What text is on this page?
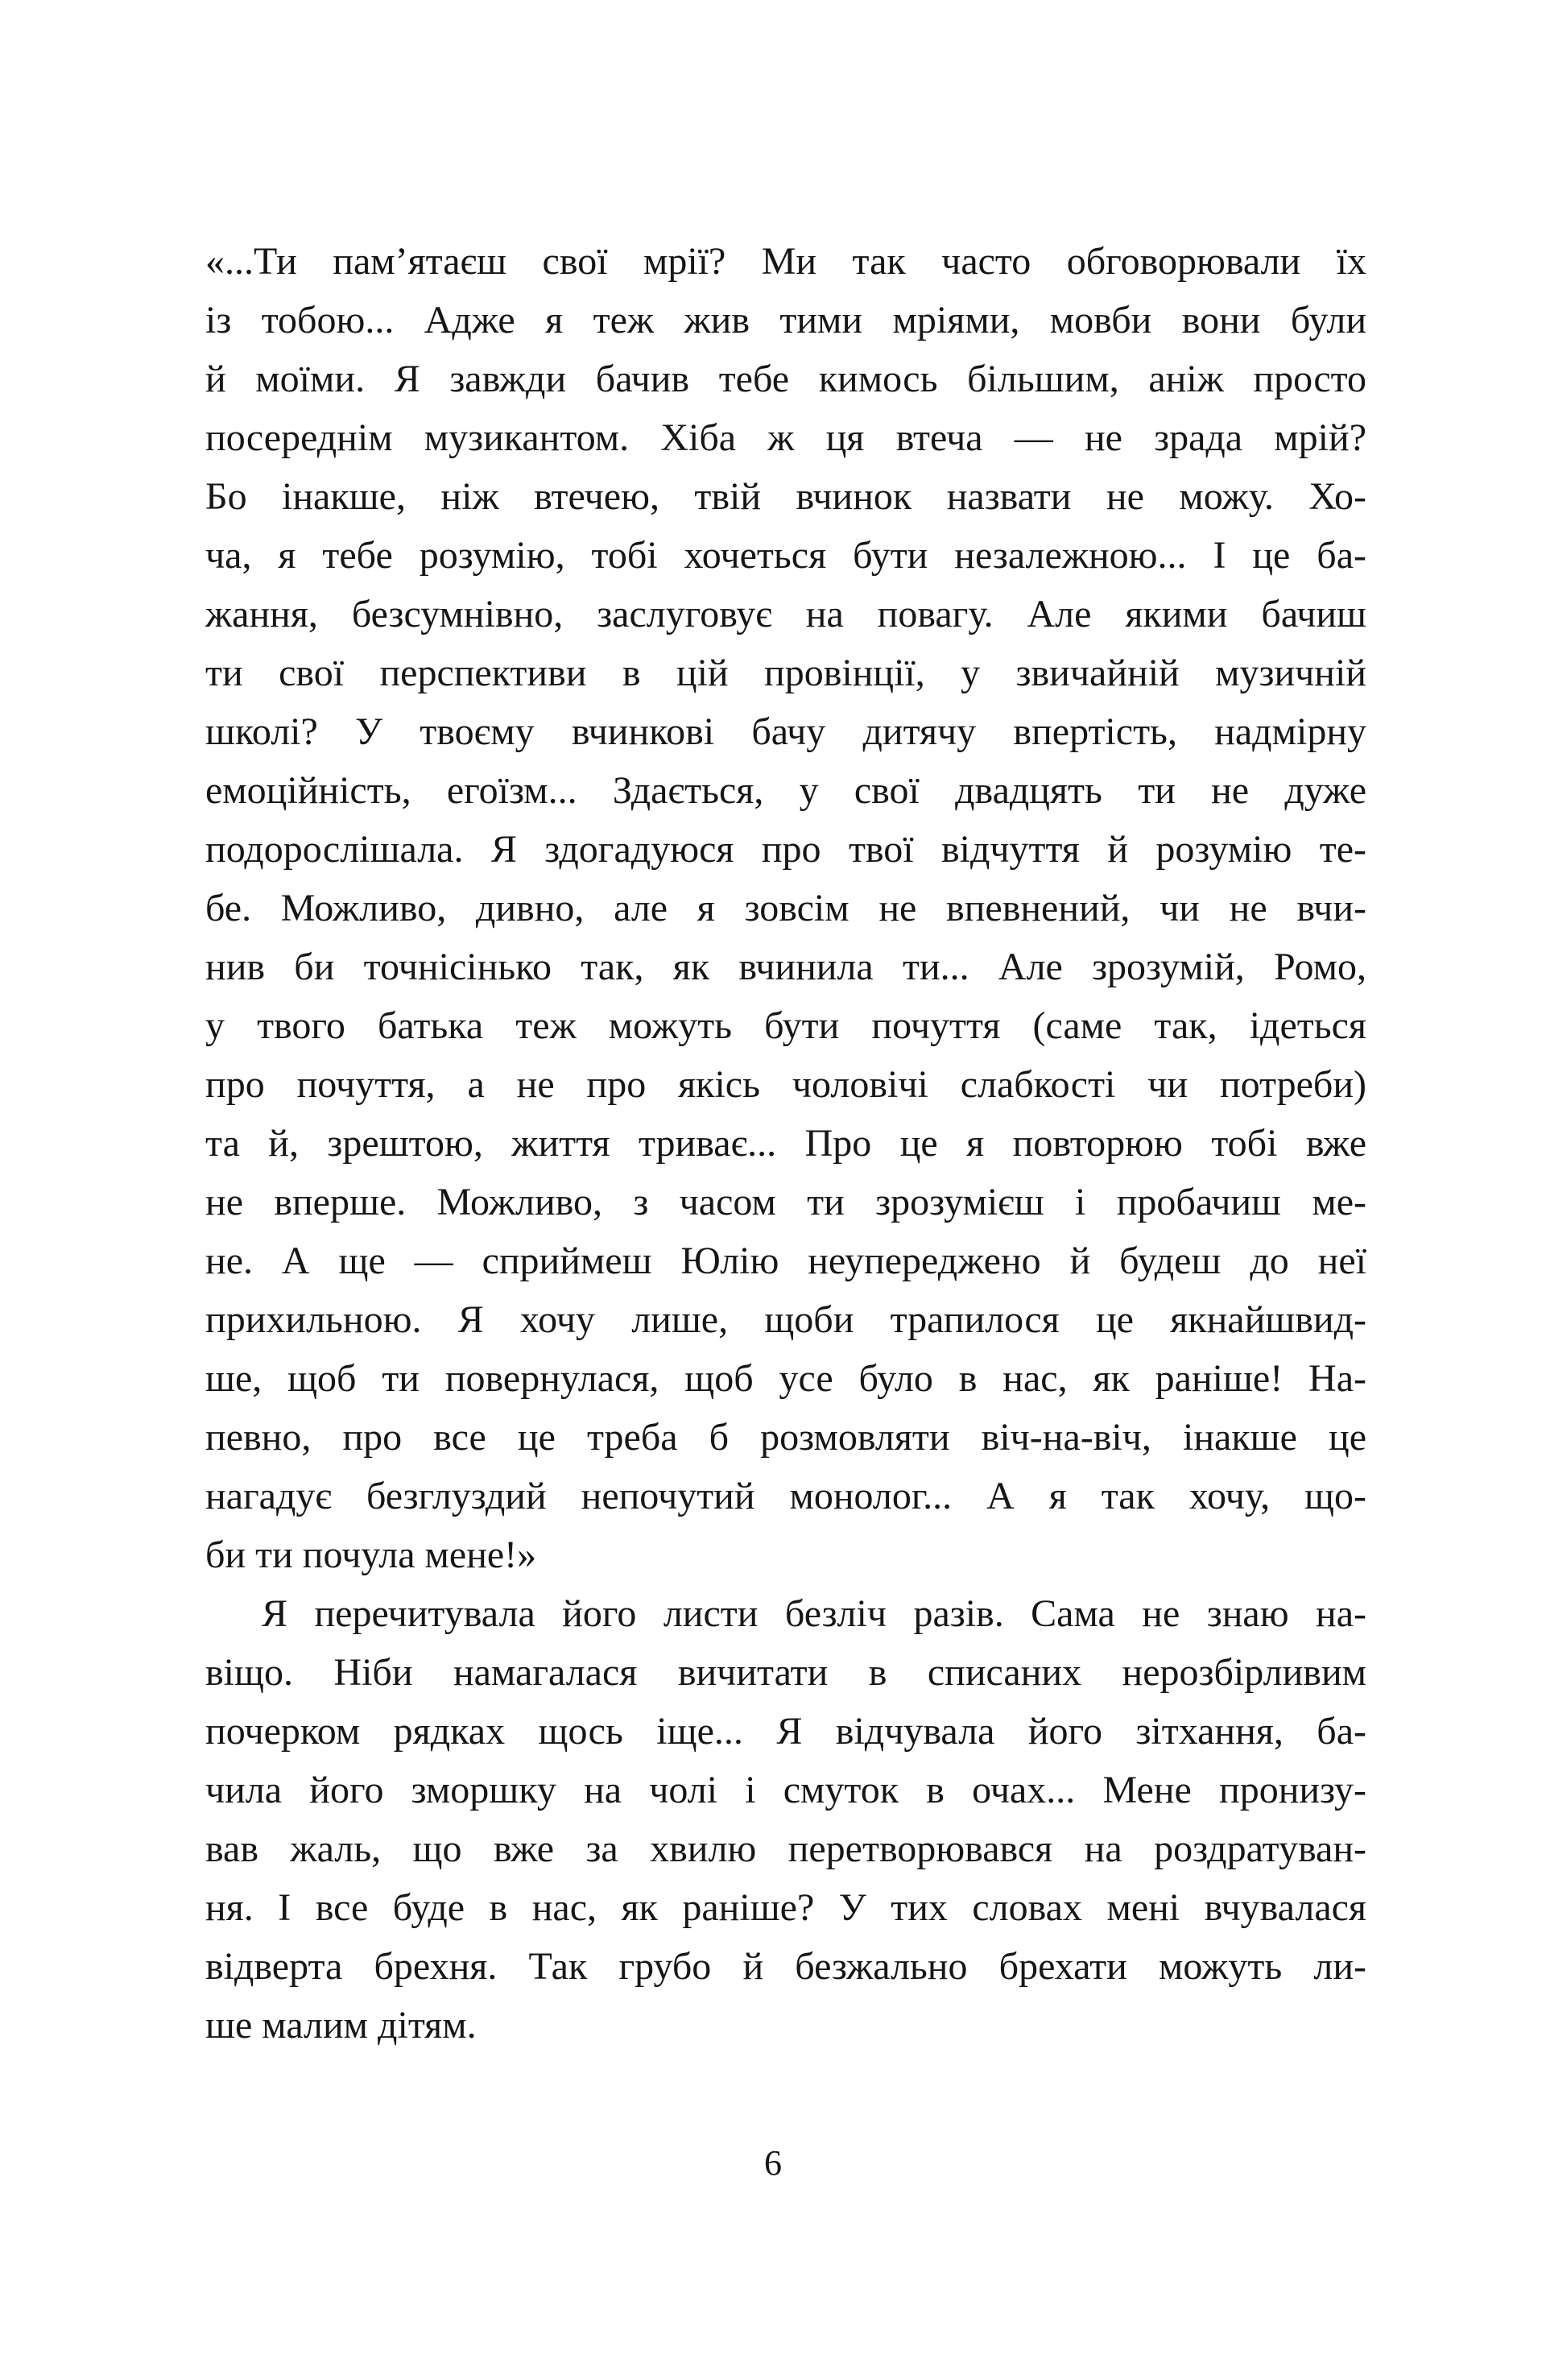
«...Ти пам’ятаєш свої мрії? Ми так часто обговорювали їх
із тобою... Адже я теж жив тими мріями, мовби вони були
й моїми. Я завжди бачив тебе кимось більшим, аніж просто
посереднім музикантом. Хіба ж ця втеча — не зрада мрій?
Бо інакше, ніж втечею, твій вчинок назвати не можу. Хо-
ча, я тебе розумію, тобі хочеться бути незалежною... І це ба-
жання, безсумнівно, заслуговує на повагу. Але якими бачиш
ти свої перспективи в цій провінції, у звичайній музичній
школі? У твоєму вчинкові бачу дитячу впертість, надмірну
емоційність, егоїзм... Здається, у свої двадцять ти не дуже
подорослішала. Я здогадуюся про твої відчуття й розумію те-
бе. Можливо, дивно, але я зовсім не впевнений, чи не вчи-
нив би точнісінько так, як вчинила ти... Але зрозумій, Ромо,
у твого батька теж можуть бути почуття (саме так, ідеться
про почуття, а не про якісь чоловічі слабкості чи потреби)
та й, зрештою, життя триває... Про це я повторюю тобі вже
не вперше. Можливо, з часом ти зрозумієш і пробачиш ме-
не. А ще — сприймеш Юлію неупереджено й будеш до неї
прихильною. Я хочу лише, щоби трапилося це якнайшвид-
ше, щоб ти повернулася, щоб усе було в нас, як раніше! На-
певно, про все це треба б розмовляти віч-на-віч, інакше це
нагадує безглуздий непочутий монолог... А я так хочу, що-
би ти почула мене!»
Я перечитувала його листи безліч разів. Сама не знаю на-
віщо. Ніби намагалася вичитати в списаних нерозбірливим
почерком рядках щось іще... Я відчувала його зітхання, ба-
чила його зморшку на чолі і смуток в очах... Мене пронизу-
вав жаль, що вже за хвилю перетворювався на роздратуван-
ня. І все буде в нас, як раніше? У тих словах мені вчувалася
відверта брехня. Так грубо й безжально брехати можуть ли-
ше малим дітям.
6
